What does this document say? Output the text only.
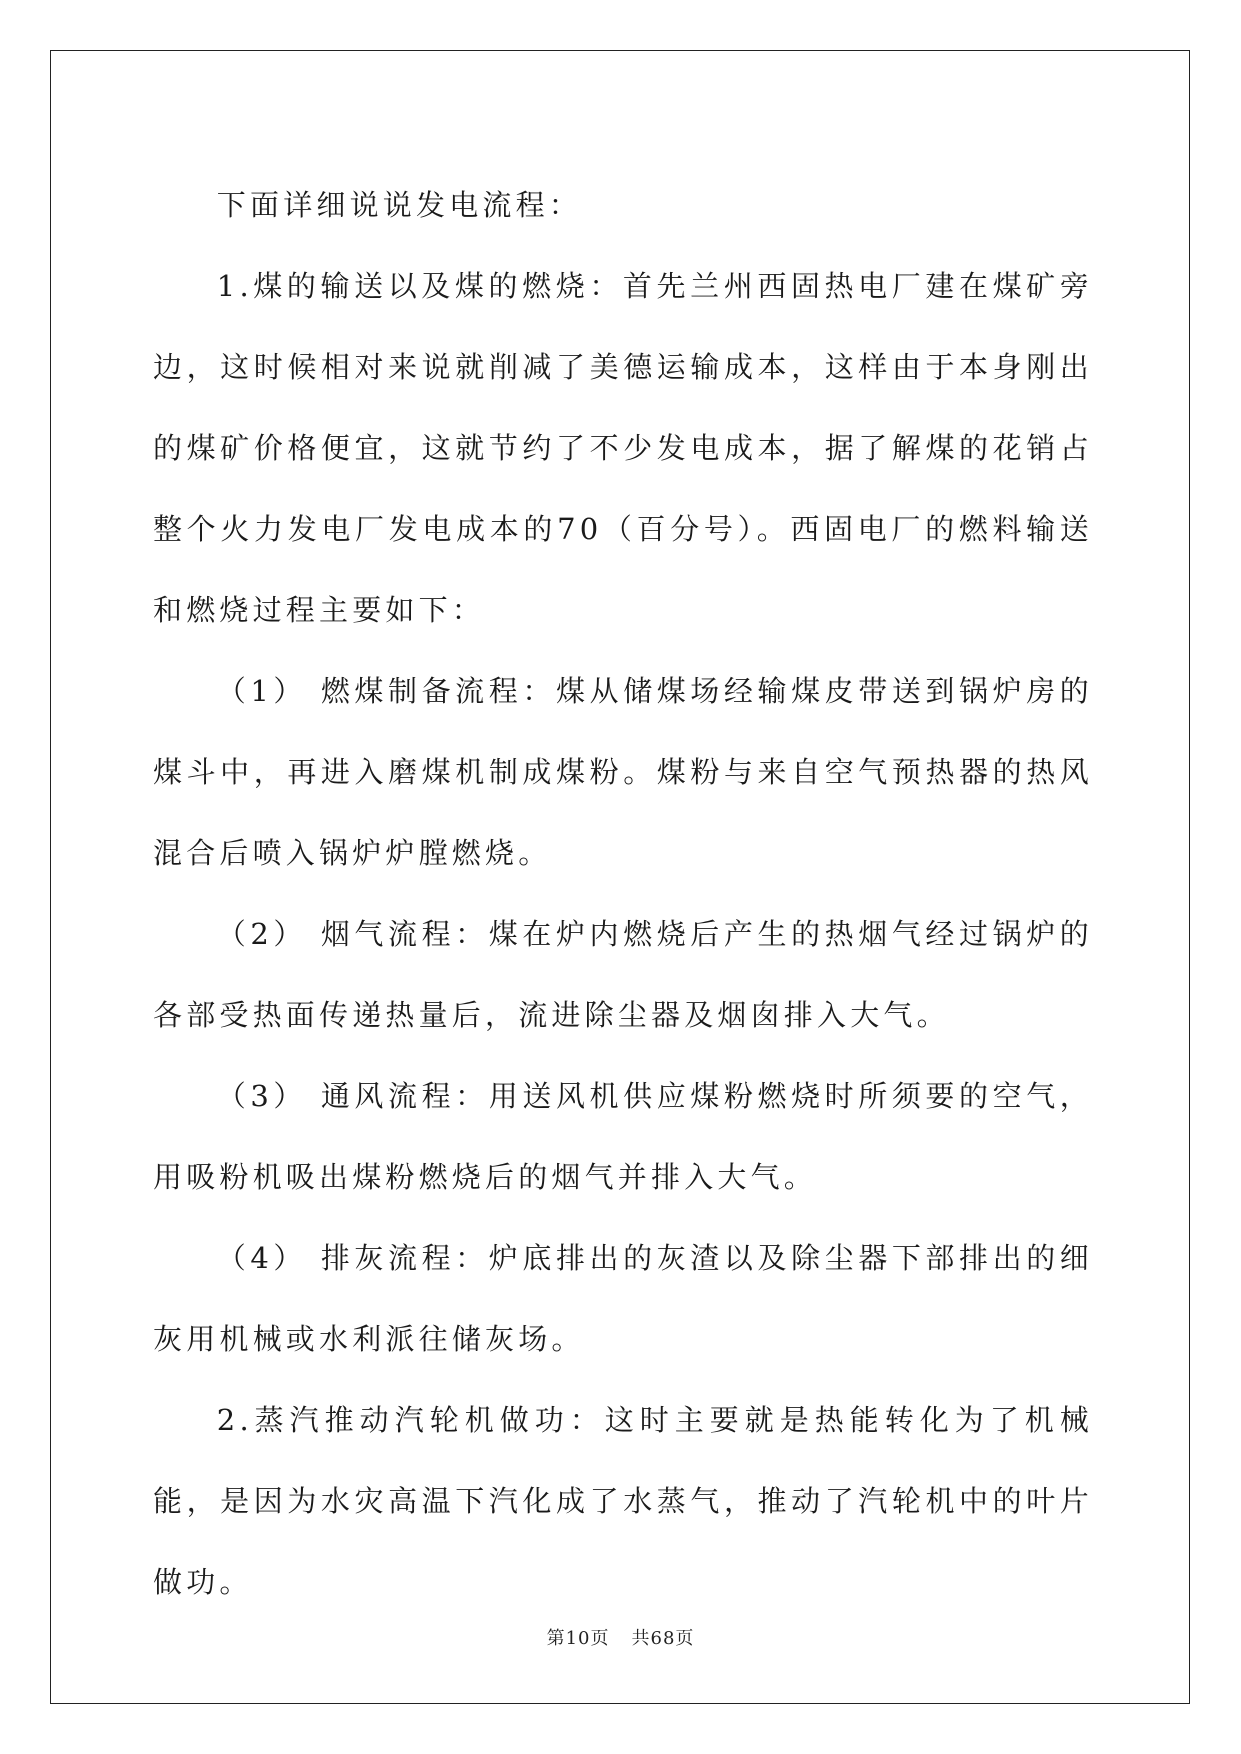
下面详细说说发电流程：

1.煤的输送以及煤的燃烧：首先兰州西固热电厂建在煤矿旁边，这时候相对来说就削减了美德运输成本，这样由于本身刚出的煤矿价格便宜，这就节约了不少发电成本，据了解煤的花销占整个火力发电厂发电成本的70（百分号）。西固电厂的燃料输送和燃烧过程主要如下：

（1） 燃煤制备流程：煤从储煤场经输煤皮带送到锅炉房的煤斗中，再进入磨煤机制成煤粉。煤粉与来自空气预热器的热风混合后喷入锅炉炉膛燃烧。

（2） 烟气流程：煤在炉内燃烧后产生的热烟气经过锅炉的各部受热面传递热量后，流进除尘器及烟囱排入大气。

（3） 通风流程：用送风机供应煤粉燃烧时所须要的空气，用吸粉机吸出煤粉燃烧后的烟气并排入大气。

（4） 排灰流程：炉底排出的灰渣以及除尘器下部排出的细灰用机械或水利派往储灰场。

2.蒸汽推动汽轮机做功：这时主要就是热能转化为了机械能，是因为水灾高温下汽化成了水蒸气，推动了汽轮机中的叶片做功。

第10页 共68页
